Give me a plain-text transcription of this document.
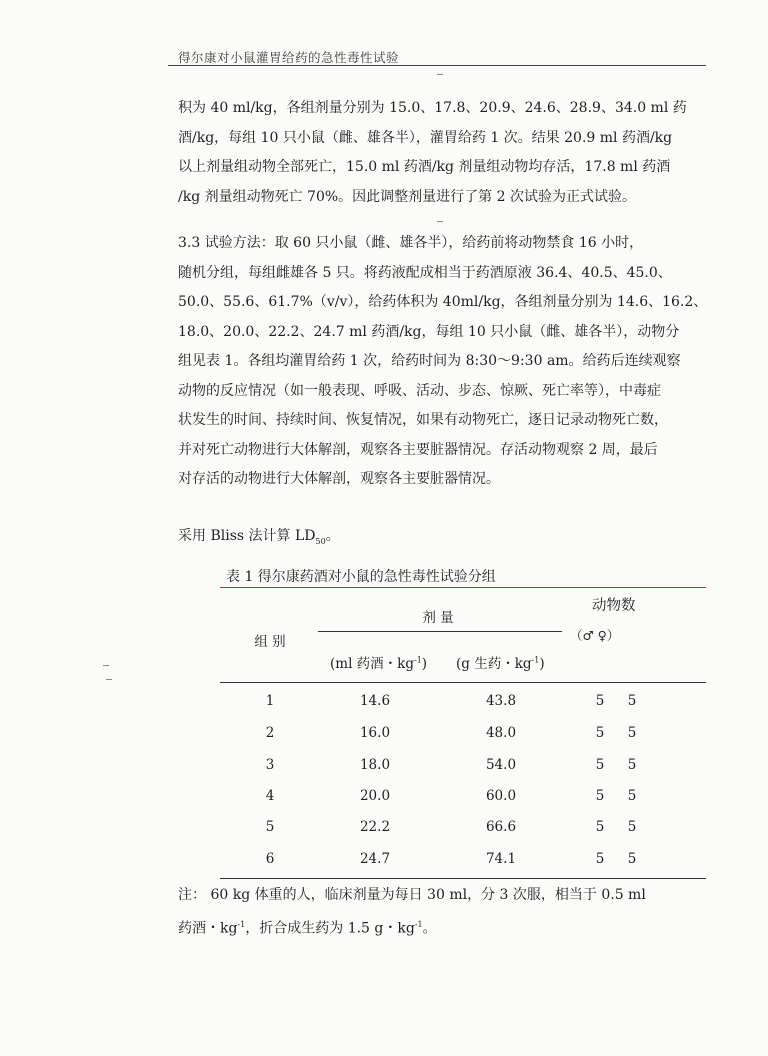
得尔康对小鼠灌胃给药的急性毒性试验
积为 40 ml/kg，各组剂量分别为 15.0、17.8、20.9、24.6、28.9、34.0 ml 药
酒/kg，每组 10 只小鼠（雌、雄各半），灌胃给药 1 次。结果 20.9 ml 药酒/kg
以上剂量组动物全部死亡，15.0 ml 药酒/kg 剂量组动物均存活，17.8 ml 药酒
/kg 剂量组动物死亡 70%。因此调整剂量进行了第 2 次试验为正式试验。
3.3 试验方法：取 60 只小鼠（雌、雄各半），给药前将动物禁食 16 小时，
随机分组，每组雌雄各 5 只。将药液配成相当于药酒原液 36.4、40.5、45.0、
50.0、55.6、61.7%（v/v），给药体积为 40ml/kg，各组剂量分别为 14.6、16.2、
18.0、20.0、22.2、24.7 ml 药酒/kg，每组 10 只小鼠（雌、雄各半），动物分
组见表 1。各组均灌胃给药 1 次，给药时间为 8:30～9:30 am。给药后连续观察
动物的反应情况（如一般表现、呼吸、活动、步态、惊厥、死亡率等），中毒症
状发生的时间、持续时间、恢复情况，如果有动物死亡，逐日记录动物死亡数，
并对死亡动物进行大体解剖，观察各主要脏器情况。存活动物观察 2 周，最后
对存活的动物进行大体解剖，观察各主要脏器情况。
采用 Bliss 法计算 $LD_{50}$。
表 1 得尔康药酒对小鼠的急性毒性试验分组
组 别
剂 量
(ml 药酒・$kg^{-1}$) (g 生药・$kg^{-1}$)
动物数
（♂ ♀）
1	14.6	43.8	5	5
2	16.0	48.0	5	5
3	18.0	54.0	5	5
4	20.0	60.0	5	5
5	22.2	66.6	5	5
6	24.7	74.1	5	5
注： 60 kg 体重的人，临床剂量为每日 30 ml，分 3 次服，相当于 0.5 ml
药酒・$kg^{-1}$，折合成生药为 1.5 g・$kg^{-1}$。
